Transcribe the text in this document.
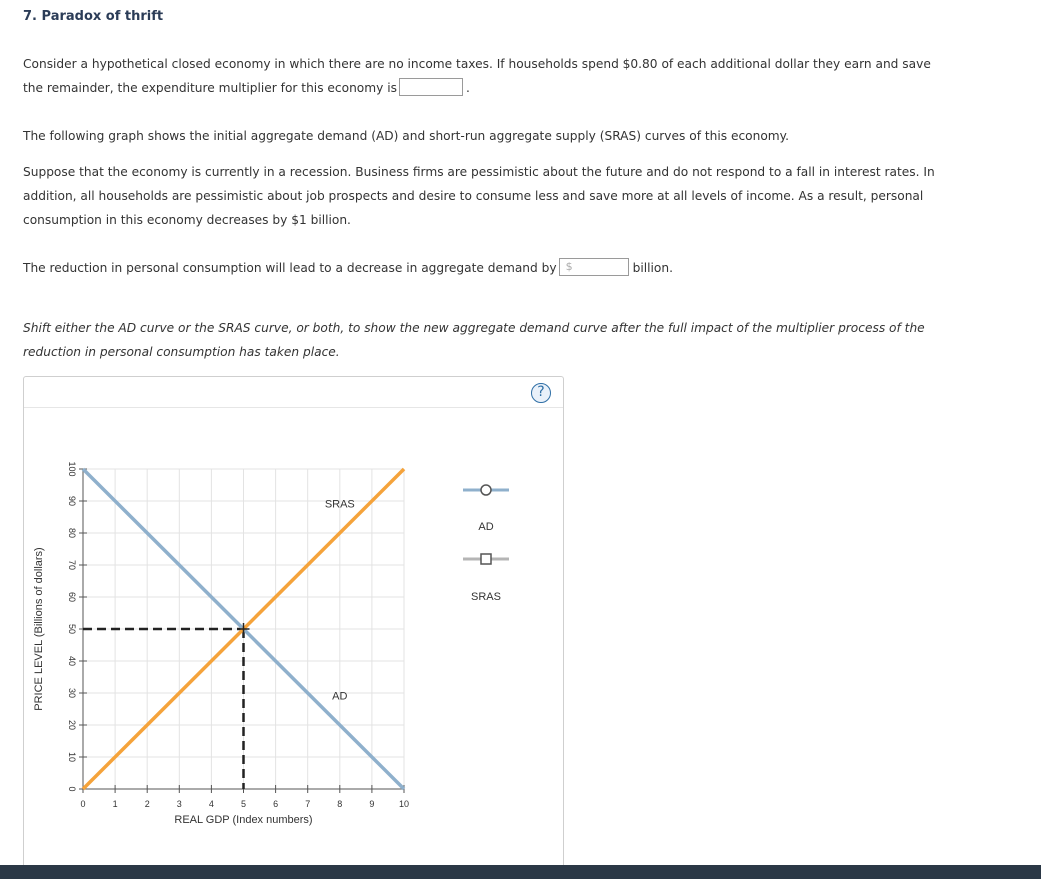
7. Paradox of thrift
Consider a hypothetical closed economy in which there are no income taxes. If households spend $0.80 of each additional dollar they earn and save
the remainder, the expenditure multiplier for this economy is	.
The following graph shows the initial aggregate demand (AD) and short-run aggregate supply (SRAS) curves of this economy.
Suppose that the economy is currently in a recession. Business firms are pessimistic about the future and do not respond to a fall in interest rates. In
addition, all households are pessimistic about job prospects and desire to consume less and save more at all levels of income. As a result, personal
consumption in this economy decreases by $1 billion.
The reduction in personal consumption will lead to a decrease in aggregate demand by $	billion.
Shift either the AD curve or the SRAS curve, or both, to show the new aggregate demand curve after the full impact of the multiplier process of the
reduction in personal consumption has taken place.
?
0	1	2	3	4	5	6	7	8	9	10
0
10
20
30
40
50
60
70
80
90
100
REAL GDP (Index numbers)
PRICE LEVEL (Billions of dollars)	AD
SRAS
AD
SRAS
